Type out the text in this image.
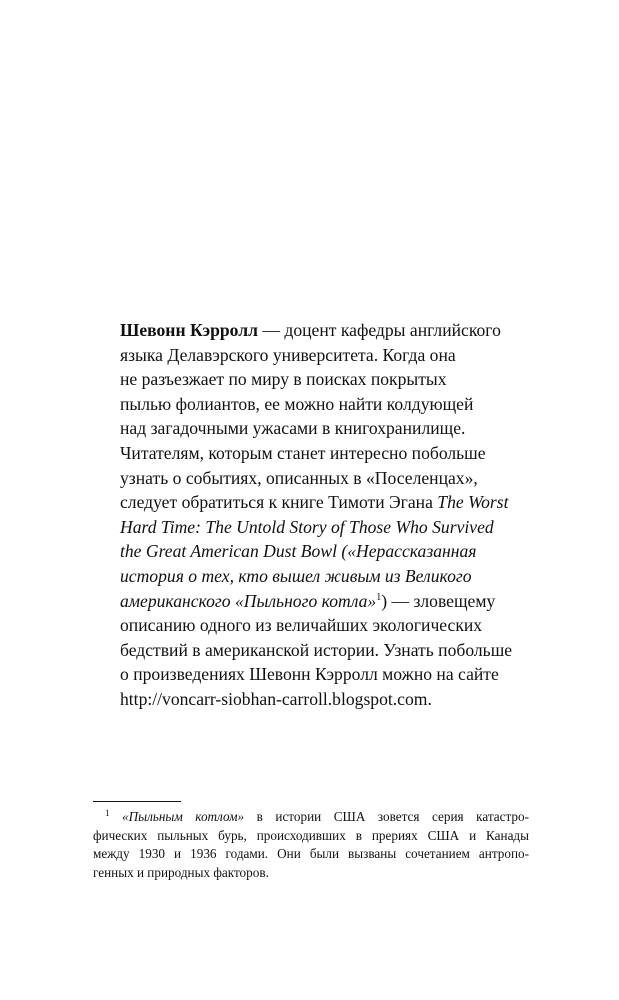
Шевонн Кэрролл — доцент кафедры английского
языка Делавэрского университета. Когда она
не разъезжает по миру в поисках покрытых
пылью фолиантов, ее можно найти колдующей
над загадочными ужасами в книгохранилище.
Читателям, которым станет интересно побольше
узнать о событиях, описанных в «Поселенцах»,
следует обратиться к книге Тимоти Эгана The Worst
Hard Time: The Untold Story of Those Who Survived
the Great American Dust Bowl («Нерассказанная
история о тех, кто вышел живым из Великого
американского «Пыльного котла»$^1$) — зловещему
описанию одного из величайших экологических
бедствий в американской истории. Узнать побольше
о произведениях Шевонн Кэрролл можно на сайте
http://voncarr-siobhan-carroll.blogspot.com.

$^1$ «Пыльным котлом» в истории США зовется серия катастро-
фических пыльных бурь, происходивших в прериях США и Канады
между 1930 и 1936 годами. Они были вызваны сочетанием антропо-
генных и природных факторов.
